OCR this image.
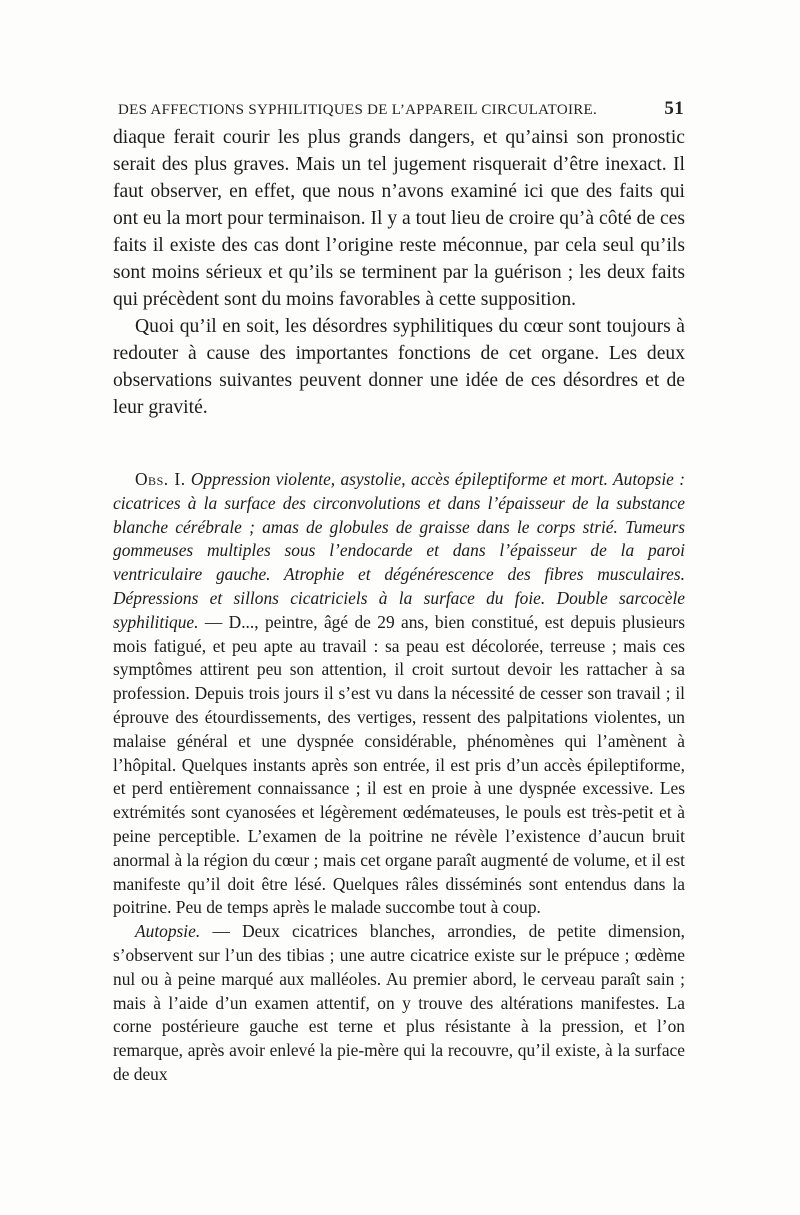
DES AFFECTIONS SYPHILITIQUES DE L’APPAREIL CIRCULATOIRE.	51

diaque ferait courir les plus grands dangers, et qu’ainsi son pronostic serait des plus graves. Mais un tel jugement risquerait d’être inexact. Il faut observer, en effet, que nous n’avons examiné ici que des faits qui ont eu la mort pour terminaison. Il y a tout lieu de croire qu’à côté de ces faits il existe des cas dont l’origine reste méconnue, par cela seul qu’ils sont moins sérieux et qu’ils se terminent par la guérison ; les deux faits qui précèdent sont du moins favorables à cette supposition.

Quoi qu’il en soit, les désordres syphilitiques du cœur sont toujours à redouter à cause des importantes fonctions de cet organe. Les deux observations suivantes peuvent donner une idée de ces désordres et de leur gravité.

Obs. I. Oppression violente, asystolie, accès épileptiforme et mort. Autopsie : cicatrices à la surface des circonvolutions et dans l’épaisseur de la substance blanche cérébrale ; amas de globules de graisse dans le corps strié. Tumeurs gommeuses multiples sous l’endocarde et dans l’épaisseur de la paroi ventriculaire gauche. Atrophie et dégénérescence des fibres musculaires. Dépressions et sillons cicatriciels à la surface du foie. Double sarcocèle syphilitique. — D..., peintre, âgé de 29 ans, bien constitué, est depuis plusieurs mois fatigué, et peu apte au travail : sa peau est décolorée, terreuse ; mais ces symptômes attirent peu son attention, il croit surtout devoir les rattacher à sa profession. Depuis trois jours il s’est vu dans la nécessité de cesser son travail ; il éprouve des étourdissements, des vertiges, ressent des palpitations violentes, un malaise général et une dyspnée considérable, phénomènes qui l’amènent à l’hôpital. Quelques instants après son entrée, il est pris d’un accès épileptiforme, et perd entièrement connaissance ; il est en proie à une dyspnée excessive. Les extrémités sont cyanosées et légèrement œdémateuses, le pouls est très-petit et à peine perceptible. L’examen de la poitrine ne révèle l’existence d’aucun bruit anormal à la région du cœur ; mais cet organe paraît augmenté de volume, et il est manifeste qu’il doit être lésé. Quelques râles disséminés sont entendus dans la poitrine. Peu de temps après le malade succombe tout à coup.

Autopsie. — Deux cicatrices blanches, arrondies, de petite dimension, s’observent sur l’un des tibias ; une autre cicatrice existe sur le prépuce ; œdème nul ou à peine marqué aux malléoles. Au premier abord, le cerveau paraît sain ; mais à l’aide d’un examen attentif, on y trouve des altérations manifestes. La corne postérieure gauche est terne et plus résistante à la pression, et l’on remarque, après avoir enlevé la pie-mère qui la recouvre, qu’il existe, à la surface de deux
